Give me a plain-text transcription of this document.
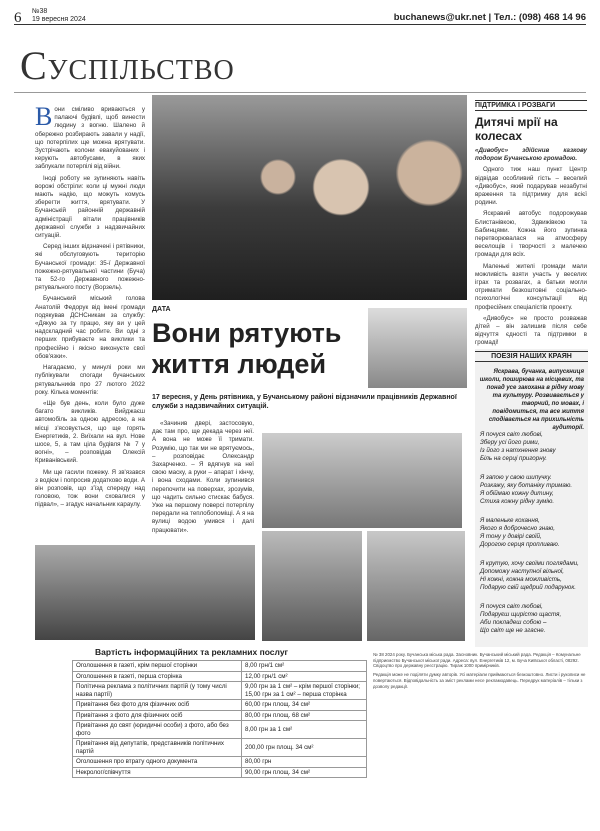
6 №38
19 вересня 2024	buchanews@ukr.net | Тел.: (098) 468 14 96
Суспільство

Вони сміливо вриваються у палаючі будівлі, щоб винести людину з вогню. Шалено й обережно розбирають завали у надії, що потерпілих ще можна врятувати. Зустрічають колони евакуйованих і керують автобусами, в яких заблукали потерпілі від війни.

Іноді роботу не зупиняють навіть ворожі обстріли: коли ці мужні люди мають надію, що можуть комусь зберегти життя, врятувати. У Бучанській районній державній адміністрації вітали працівників державної служби з надзвичайних ситуацій.

Серед інших відзначені і рятівники, які обслуговують територію Бучанської громади: 35-ї Державної пожежно-рятувальної частини (Буча) та 52-го Державного пожежно-рятувального посту (Ворзель).

Бучанський міський голова Анатолій Федорук від імені громади подякував ДСНСникам за службу: «Дякую за ту працю, яку ви у цей надскладний час робите. Ви одні з перших прибуваєте на виклики та професійно і якісно виконуєте свої обов'язки».

Нагадаємо, у минулі роки ми публікували спогади бучанських рятувальників про 27 лютого 2022 року. Кілька моментів:

«Ще був день, коли було дуже багато викликів. Вийджаєш автомобіль за одною адресою, а на місці з'ясовується, що ще горять Енергетиків, 2. Виїхали на вул. Нове шосе, 5, а там ціла будівля № 7 у вогні», – розповідав Олексій Криванівський.

Ми ще гасили пожежу. Я зв'язався з водієм і попросив додатково води. А він розповів, що з'їзд спереду над головою, тож вони сховалися у підвал», – згадує начальник караулу.

ДАТА
Вони рятують
життя людей
17 вересня, у День рятівника, у Бучанському районі відзначили працівників Державної служби з надзвичайних ситуацій.

«Зачинив двері, застосовую, дає там про, ще декада через неї. А вона не може її тримати. Розумію, що так ми не врятуємось, – розповідає Олександр Захарченко. – Я вдягнув на неї свою маску, а руки – апарат і кінчу, і вона сходами. Коли зупинився перепочити на поверхах, зрозумів, що чадить сильно стискає бабуся. Уже на першому поверсі потерпілу передали на теплобопоміщі. А я на вулиці водою умився і далі працювати».

ПІДТРИМКА І РОЗВАГИ
Дитячі мрії на
колесах

«Дивобус» здійснив казкову подорож Бучанською громадою.

Одного тиж наш пункт Центр відвідав особливий гість – веселий «Дивобус», який подарував незабутні враження та підтримку для всієї родини.

Яскравий автобус подорожував Блистанівкою, Здвижівкою та Бабинцями. Кожна його зупинка перетворювалася на атмосферу веселощів і творчості з малечею громади для всіх.

Маленькі жителі громади мали можливість взяти участь у веселих іграх та розвагах, а батьки могли отримати безкоштовні соціально-психологічні консультації від професійних спеціалістів проекту.

«Дивобус» не просто розважав дітей – він залишив після себе відчуття єдності та підтримки в громаді!

ПОЕЗІЯ НАШИХ КРАЯН
Яскрава, бучанка, випускниця школи, поширюва на місцевих, та понад усе закохана в рідну мову та культуру. Розвивається у творчий, по мовах, і повідомиться, та все життя сподівається на прихильність аудиторії.
Я почуся світ любові,
Зберу усі його рими,
Із його з натхнення знову
Біль на серці пригорну.
Я запою у свою шипучку.
Розкажу, яку ботаніку тримаю.
Я обіймаю кожну дитину,
Стиха кожну рідну зумію.
Я маленьке кохання,
Якого я доброчесно знаю,
Я тону у довірі своїй,
Дорогою серця пропливаю.
Я крутую, хочу своїми поглядами,
Допоможу наступної вільної,
Ні кожні, кожна можливість,
Подарую свій щедрий подарунок.
Я почуся світ любові,
Подаруєш щирістю щастя,
Аби покладеш собою –
Що світ ще не згасне.
Вартість інформаційних та рекламних послуг
Оголошення в газеті, крім першої сторінки	8,00 грн/1 см²
Оголошення в газеті, перша сторінка	12,00 грн/1 см²
Політична реклама з політичних партій (у тому числі назва партії)	9,00 грн за 1 см² – крім першої сторінки; 15,00 грн за 1 см² – перша сторінка
Привітання без фото для фізичних осіб	60,00 грн площ. 34 см²
Привітання з фото для фізичних осіб	80,00 грн площ. 68 см²
Привітання до свят (юридичні особи) з фото, або без фото	8,00 грн за 1 см²
Привітання від депутатів, представників політичних партій	200,00 грн площ. 34 см²
Оголошення про втрату одного документа	80,00 грн
Некролог/співчуття	90,00 грн площ. 34 см²

№ 38 2024 року. Бучанська міська рада. Засновник. Бучанський міський рада. Редакція – Комунальне підприємство Бучанської міської ради. Адреса: вул. Енергетиків 12, м. Буча Київської області, 08292. Свідоцтво про державну реєстрацію. Тираж 1000 примірників.

Редакція може не поділяти думку авторів. Усі матеріали приймаються безкоштовно. Листи і рукописи не повертаються. Відповідальність за зміст реклами несе рекламодавець. Передрук матеріалів – тільки з дозволу редакції.
